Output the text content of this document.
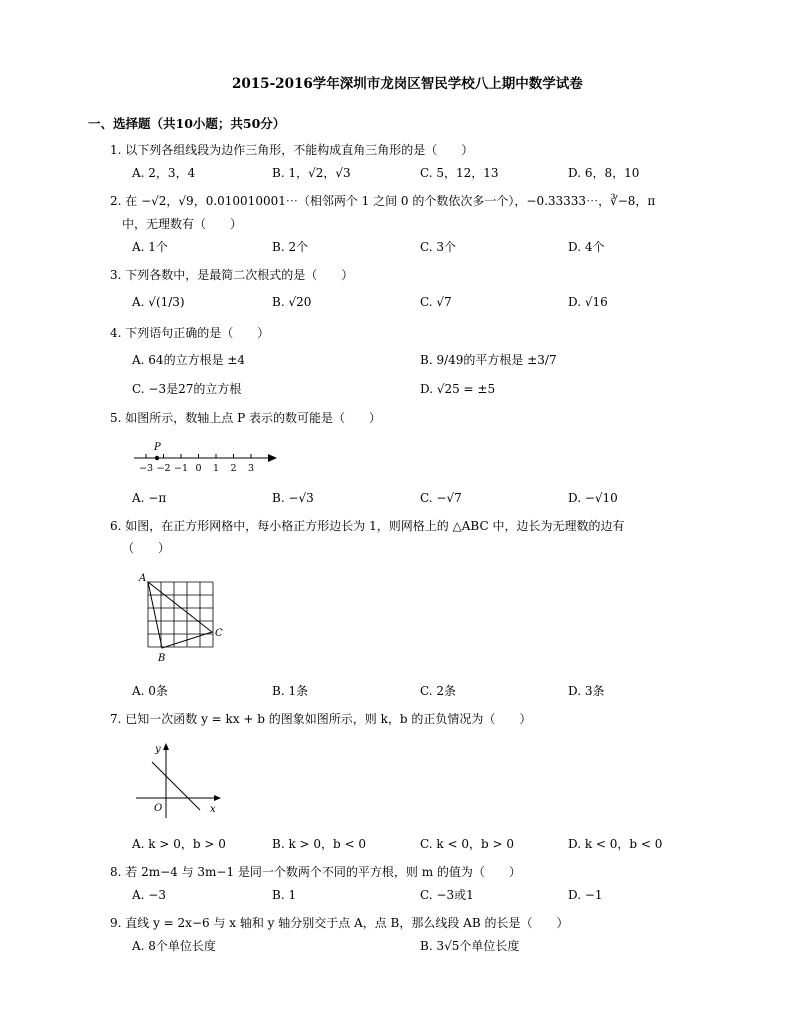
2015-2016学年深圳市龙岗区智民学校八上期中数学试卷
一、选择题（共10小题；共50分）
1. 以下列各组线段为边作三角形，不能构成直角三角形的是（　　）
A. 2，3，4	B. 1，√2，√3	C. 5，12，13	D. 6，8，10
2. 在 −√2，√9，0.010010001⋯（相邻两个 1 之间 0 的个数依次多一个），−0.33333⋯，∛−8，π
中，无理数有（　　）
A. 1个	B. 2个	C. 3个	D. 4个
3. 下列各数中，是最简二次根式的是（　　）
A. √(1/3)	B. √20	C. √7	D. √16
4. 下列语句正确的是（　　）
A. 64的立方根是 ±4	B. 9/49的平方根是 ±3/7
C. −3是27的立方根	D. √25 = ±5
5. 如图所示，数轴上点 P 表示的数可能是（　　）
−3 −2 −1 0 1 2 3
P
A. −π	B. −√3	C. −√7	D. −√10
6. 如图，在正方形网格中，每小格正方形边长为 1，则网格上的 △ABC 中，边长为无理数的边有
（　　）
A
B
C
A. 0条	B. 1条	C. 2条	D. 3条
7. 已知一次函数 y = kx + b 的图象如图所示，则 k，b 的正负情况为（　　）
y
x
O
A. k > 0，b > 0	B. k > 0，b < 0	C. k < 0，b > 0	D. k < 0，b < 0
8. 若 2m−4 与 3m−1 是同一个数两个不同的平方根，则 m 的值为（　　）
A. −3	B. 1	C. −3或1	D. −1
9. 直线 y = 2x−6 与 x 轴和 y 轴分别交于点 A，点 B，那么线段 AB 的长是（　　）
A. 8个单位长度	B. 3√5个单位长度
